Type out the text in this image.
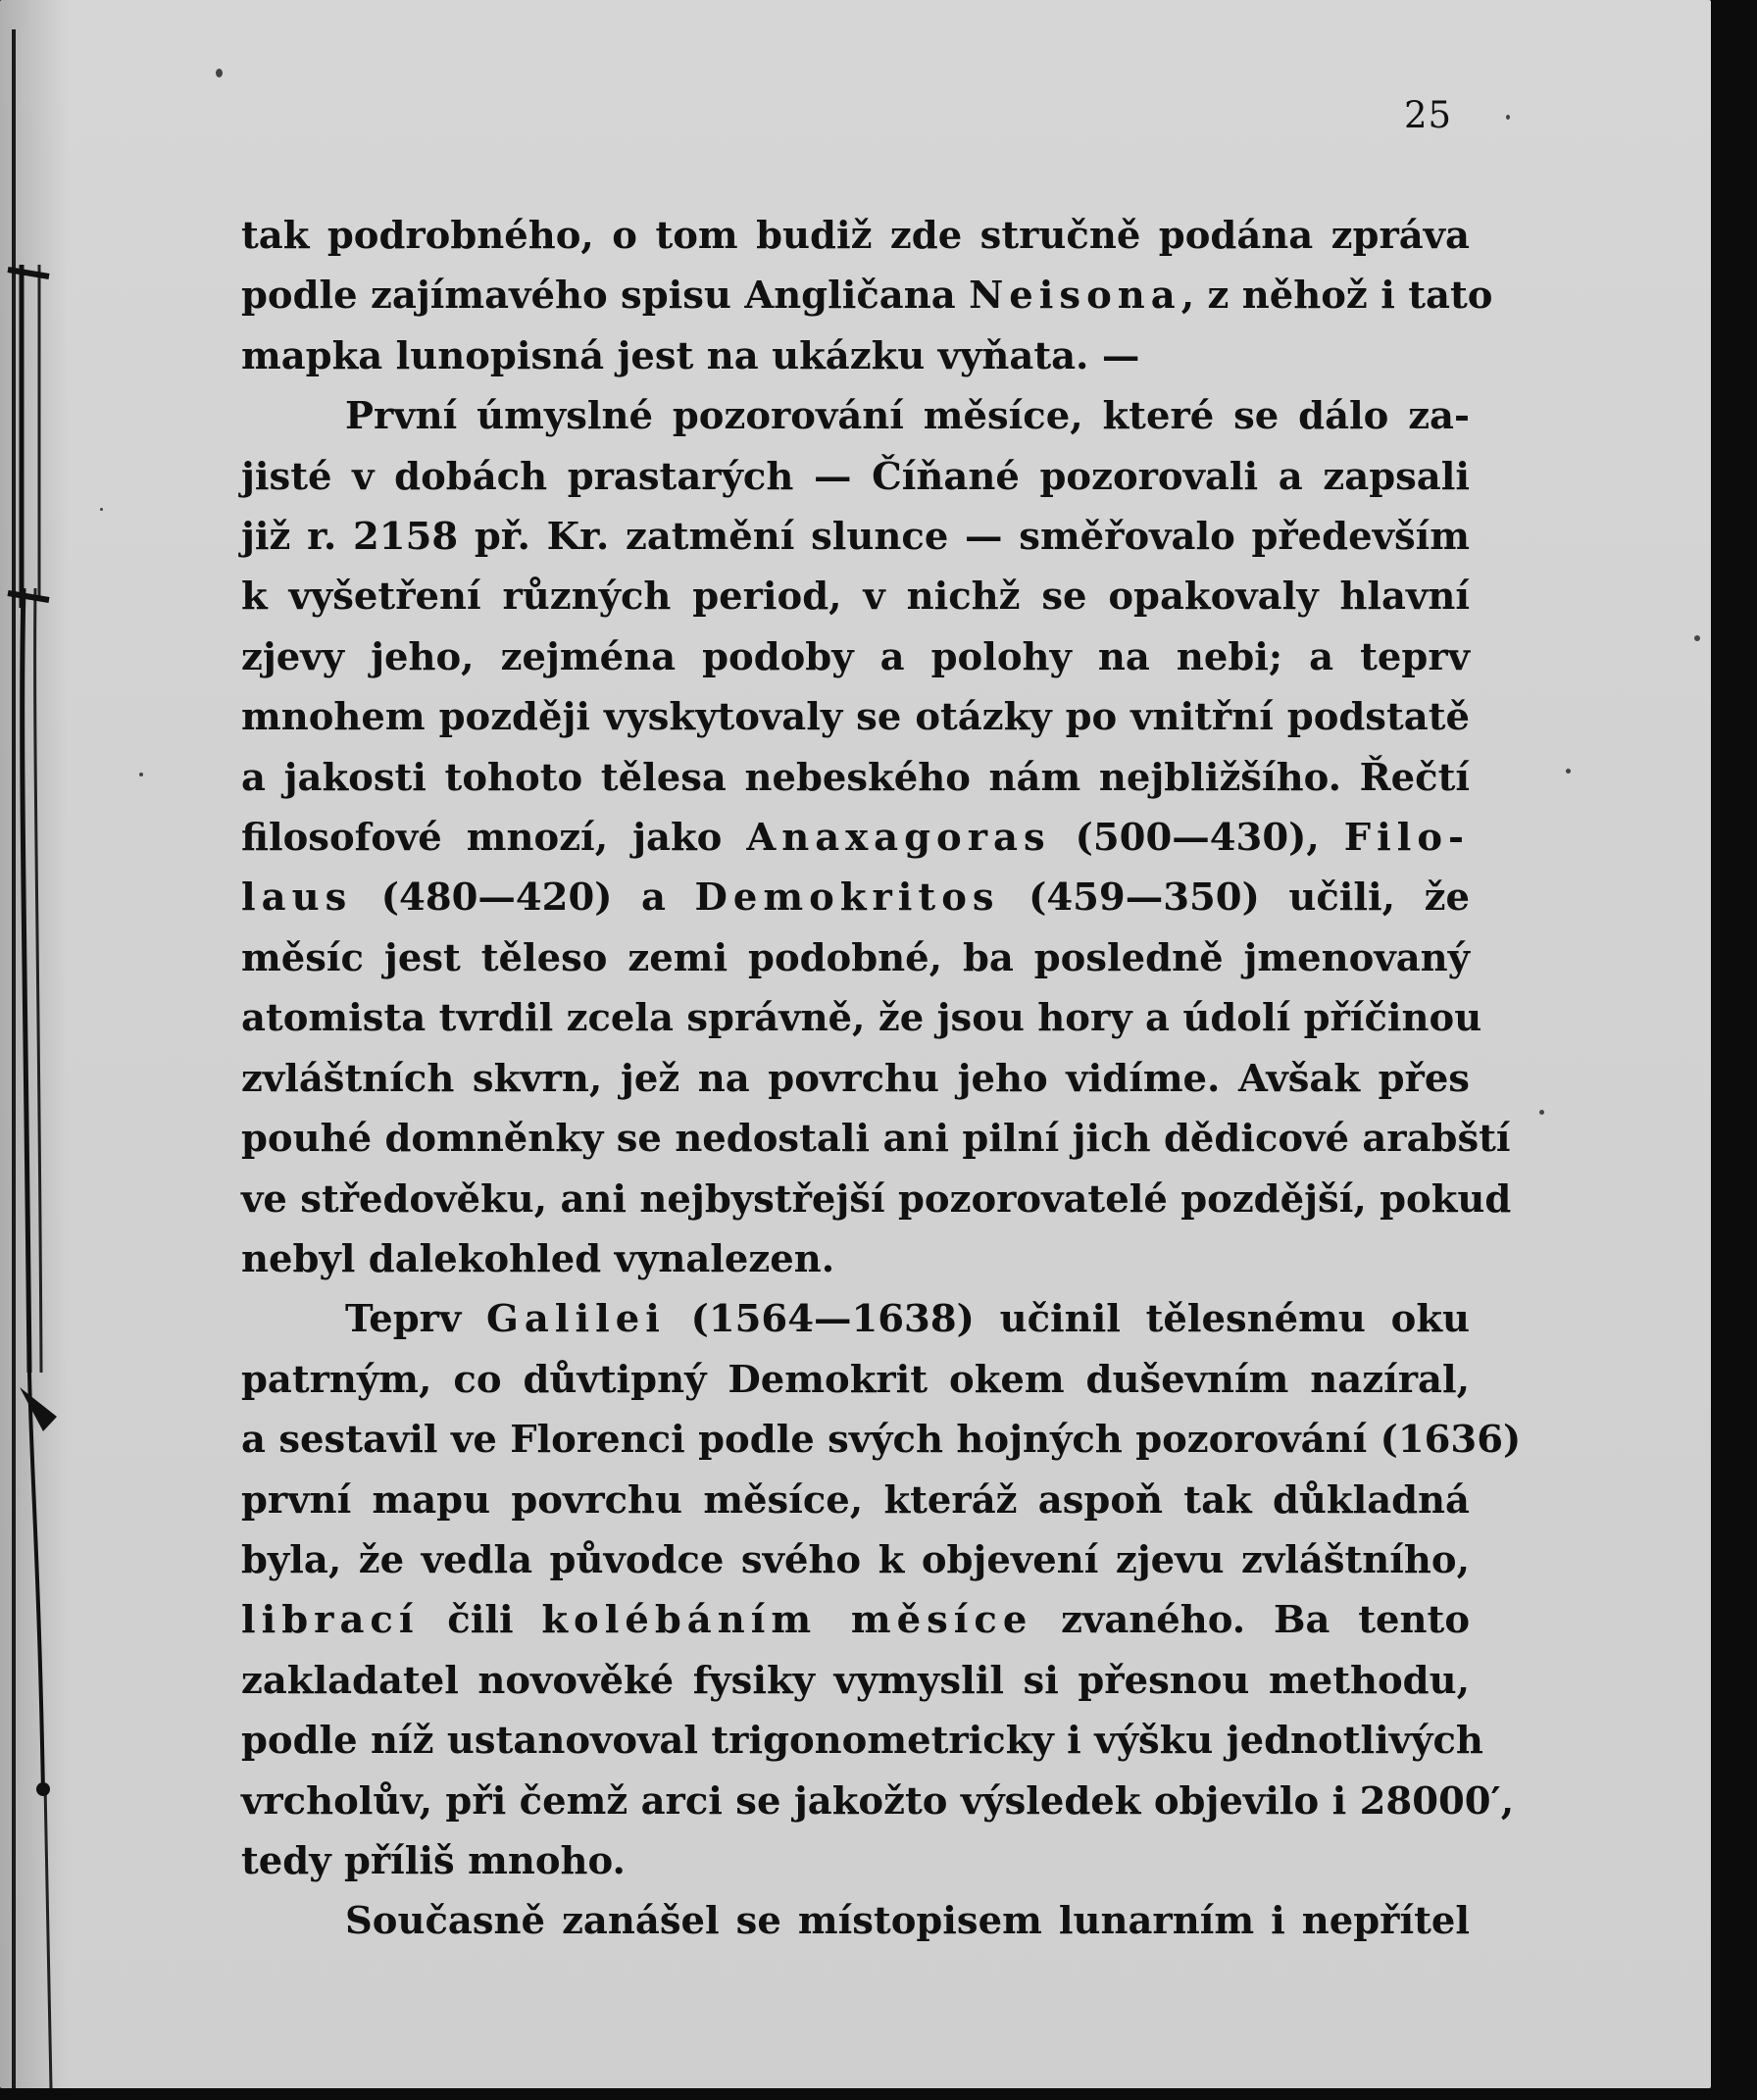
25
tak podrobného, o tom budiž zde stručně podána zpráva
podle zajímavého spisu Angličana Neisona, z něhož i tato
mapka lunopisná jest na ukázku vyňata. —
První úmyslné pozorování měsíce, které se dálo za-
jisté v dobách prastarých — Číňané pozorovali a zapsali
již r. 2158 př. Kr. zatmění slunce — směřovalo především
k vyšetření různých period, v nichž se opakovaly hlavní
zjevy jeho, zejména podoby a polohy na nebi; a teprv
mnohem později vyskytovaly se otázky po vnitřní podstatě
a jakosti tohoto tělesa nebeského nám nejbližšího. Řečtí
filosofové mnozí, jako Anaxagoras (500—430), Filo-
laus (480—420) a Demokritos (459—350) učili, že
měsíc jest těleso zemi podobné, ba posledně jmenovaný
atomista tvrdil zcela správně, že jsou hory a údolí příčinou
zvláštních skvrn, jež na povrchu jeho vidíme. Avšak přes
pouhé domněnky se nedostali ani pilní jich dědicové arabští
ve středověku, ani nejbystřejší pozorovatelé pozdější, pokud
nebyl dalekohled vynalezen.
Teprv Galilei (1564—1638) učinil tělesnému oku
patrným, co důvtipný Demokrit okem duševním nazíral,
a sestavil ve Florenci podle svých hojných pozorování (1636)
první mapu povrchu měsíce, kteráž aspoň tak důkladná
byla, že vedla původce svého k objevení zjevu zvláštního,
librací čili kolébáním měsíce zvaného. Ba tento
zakladatel novověké fysiky vymyslil si přesnou methodu,
podle níž ustanovoval trigonometricky i výšku jednotlivých
vrcholův, při čemž arci se jakožto výsledek objevilo i 28000′,
tedy příliš mnoho.
Současně zanášel se místopisem lunarním i nepřítel
